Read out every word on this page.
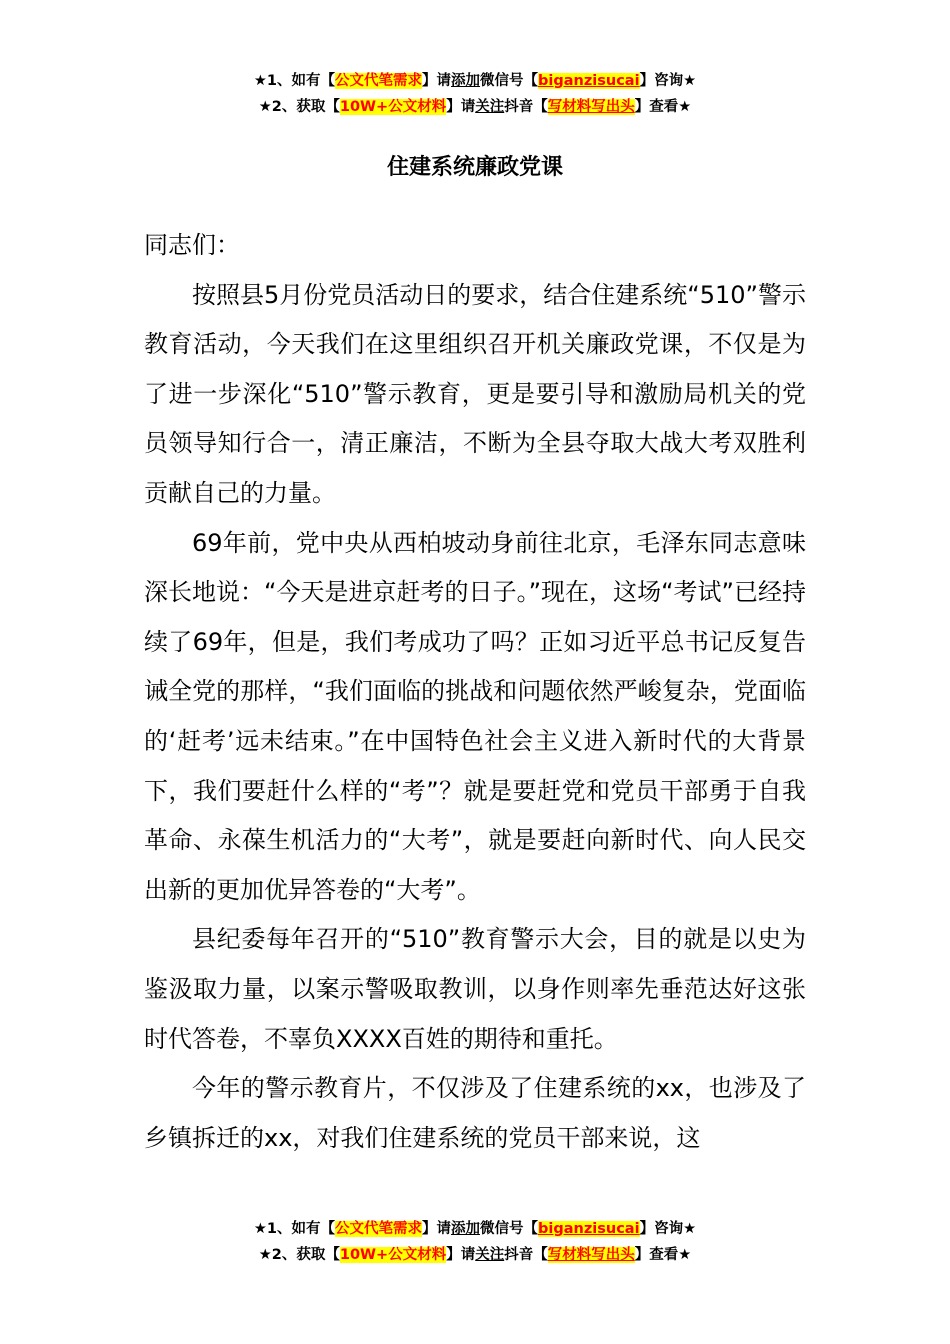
★1、如有【公文代笔需求】请添加微信号【biganzisucai】咨询★
★2、获取【10W+公文材料】请关注抖音【写材料写出头】查看★
住建系统廉政党课

同志们：

按照县5月份党员活动日的要求，结合住建系统“510”警示教育活动，今天我们在这里组织召开机关廉政党课，不仅是为了进一步深化“510”警示教育，更是要引导和激励局机关的党员领导知行合一，清正廉洁，不断为全县夺取大战大考双胜利贡献自己的力量。

69年前，党中央从西柏坡动身前往北京，毛泽东同志意味深长地说：“今天是进京赶考的日子。”现在，这场“考试”已经持续了69年，但是，我们考成功了吗？正如习近平总书记反复告诫全党的那样，“我们面临的挑战和问题依然严峻复杂，党面临的‘赶考’远未结束。”在中国特色社会主义进入新时代的大背景下，我们要赶什么样的“考”？就是要赶党和党员干部勇于自我革命、永葆生机活力的“大考”，就是要赶向新时代、向人民交出新的更加优异答卷的“大考”。

县纪委每年召开的“510”教育警示大会，目的就是以史为鉴汲取力量，以案示警吸取教训，以身作则率先垂范达好这张时代答卷，不辜负XXXX百姓的期待和重托。

今年的警示教育片，不仅涉及了住建系统的xx，也涉及了乡镇拆迁的xx，对我们住建系统的党员干部来说，这

★1、如有【公文代笔需求】请添加微信号【biganzisucai】咨询★
★2、获取【10W+公文材料】请关注抖音【写材料写出头】查看★
